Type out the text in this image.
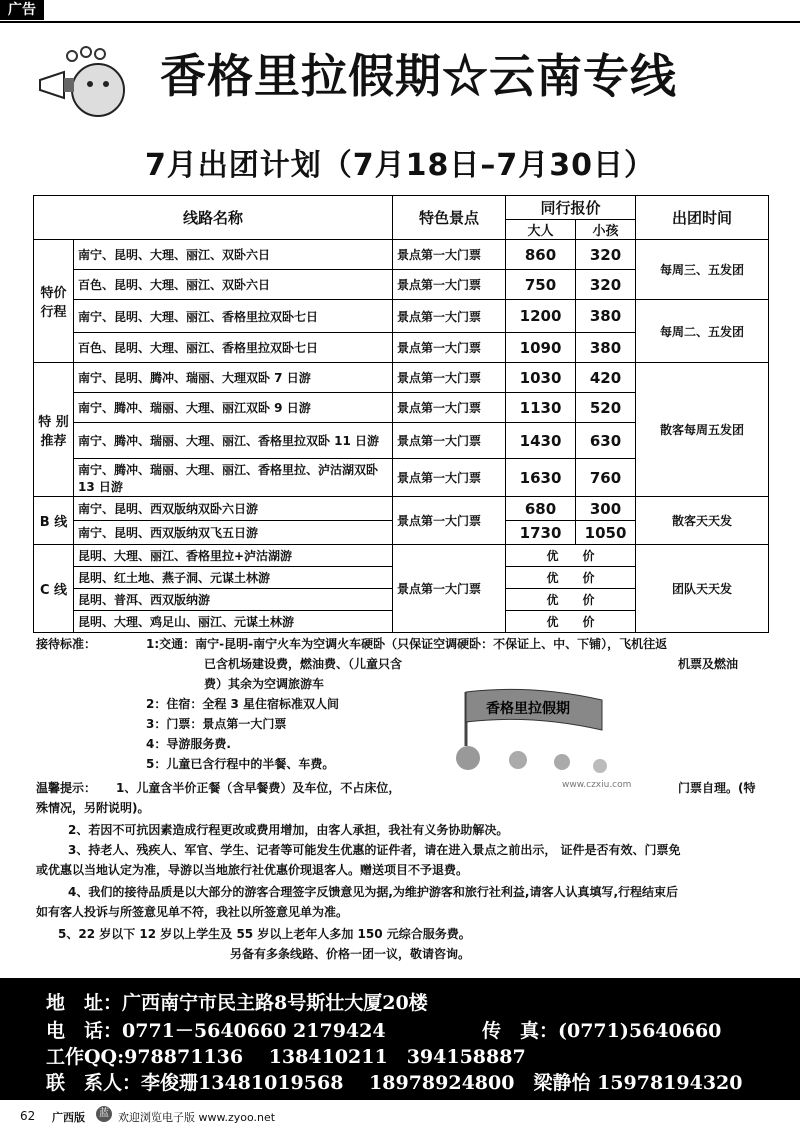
广告
香格里拉假期☆云南专线
7月出团计划（7月18日–7月30日）
线路名称		特色景点	同行报价		出团时间
			大人	小孩	
特价行程	南宁、昆明、大理、丽江、双卧六日	景点第一大门票	860	320	每周三、五发团
	百色、昆明、大理、丽江、双卧六日	景点第一大门票	750	320	
	南宁、昆明、大理、丽江、香格里拉双卧七日	景点第一大门票	1200	380	每周二、五发团
	百色、昆明、大理、丽江、香格里拉双卧七日	景点第一大门票	1090	380	
特 别 推荐	南宁、昆明、腾冲、瑞丽、大理双卧 7 日游	景点第一大门票	1030	420	散客每周五发团
	南宁、腾冲、瑞丽、大理、丽江双卧 9 日游	景点第一大门票	1130	520	
	南宁、腾冲、瑞丽、大理、丽江、香格里拉双卧 11 日游	景点第一大门票	1430	630	
	南宁、腾冲、瑞丽、大理、丽江、香格里拉、泸沽湖双卧 13 日游	景点第一大门票	1630	760	
B 线	南宁、昆明、西双版纳双卧六日游	景点第一大门票	680	300	散客天天发
	南宁、昆明、西双版纳双飞五日游		1730	1050	
C 线	昆明、大理、丽江、香格里拉+泸沽湖游	景点第一大门票	优　　价		团队天天发
	昆明、红土地、燕子洞、元谋土林游		优　　价		
	昆明、普洱、西双版纳游		优　　价		
	昆明、大理、鸡足山、丽江、元谋土林游		优　　价		
接待标准：	1:交通：南宁-昆明-南宁火车为空调火车硬卧（只保证空调硬卧：不保证上、中、下铺），飞机往返
已含机场建设费，燃油费、（儿童只含	机票及燃油
费）其余为空调旅游车
2：住宿：全程 3 星住宿标准双人间
3：门票：景点第一大门票
4：导游服务费.
5：儿童已含行程中的半餐、车费。
温馨提示： 1、儿童含半价正餐（含早餐费）及车位，不占床位，	门票自理。(特
殊情况，另附说明)。
2、若因不可抗因素造成行程更改或费用增加，由客人承担，我社有义务协助解决。
3、持老人、残疾人、军官、学生、记者等可能发生优惠的证件者，请在进入景点之前出示， 证件是否有效、门票免
或优惠以当地认定为准，导游以当地旅行社优惠价现退客人。赠送项目不予退费。
4、我们的接待品质是以大部分的游客合理签字反馈意见为据,为维护游客和旅行社利益,请客人认真填写,行程结束后
如有客人投诉与所签意见单不符，我社以所签意见单为准。
5、22 岁以下 12 岁以上学生及 55 岁以上老年人多加 150 元综合服务费。
另备有多条线路、价格一团一议，敬请咨询。
香格里拉假期
www.czxiu.com
地　址：广西南宁市民主路8号斯壮大厦20楼
电　话：0771－5640660 2179424	传　真：(0771)5640660
工作QQ:978871136　 138410211　394158887
联　系人：李俊珊13481019568　 18978924800　梁静怡 15978194320
62 广西版	蓝 欢迎浏览电子版 www.zyoo.net
